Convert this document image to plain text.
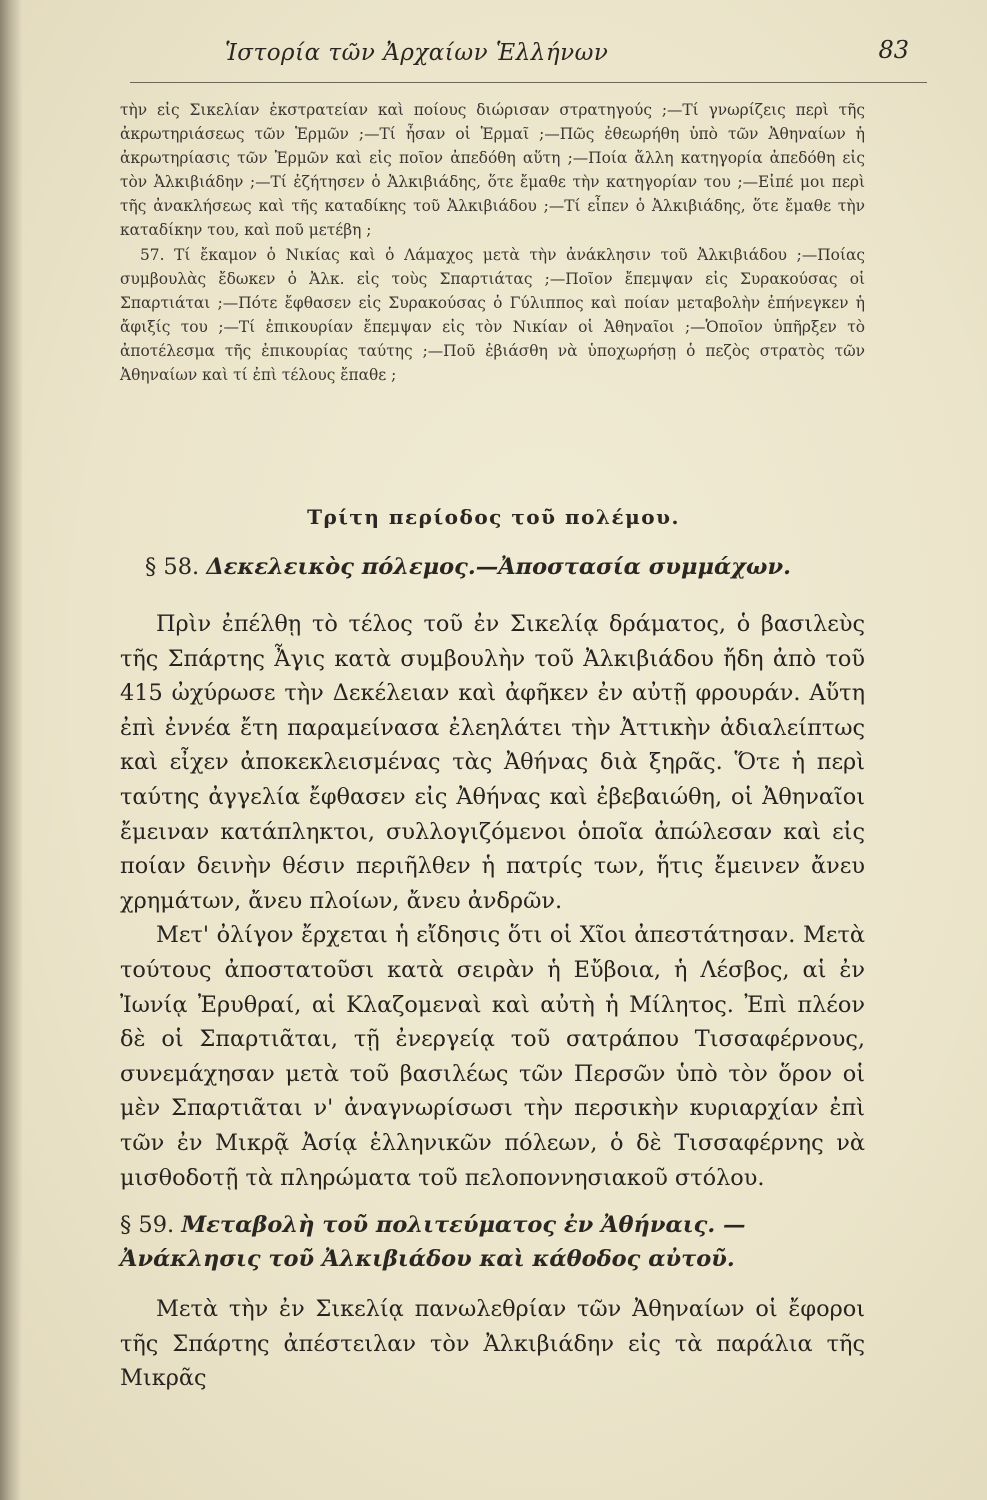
Ἱστορία τῶν Ἀρχαίων Ἑλλήνων	83

τὴν εἰς Σικελίαν ἐκστρατείαν καὶ ποίους διώρισαν στρατηγούς ;—Τί γνωρίζεις περὶ τῆς ἀκρωτηριάσεως τῶν Ἑρμῶν ;—Τί ἦσαν οἱ Ἑρμαῖ ;—Πῶς ἐθεωρήθη ὑπὸ τῶν Ἀθηναίων ἡ ἀκρωτηρίασις τῶν Ἑρμῶν καὶ εἰς ποῖον ἀπεδόθη αὕτη ;—Ποία ἄλλη κατηγορία ἀπεδόθη εἰς τὸν Ἀλκιβιάδην ;—Τί ἐζήτησεν ὁ Ἀλκιβιάδης, ὅτε ἔμαθε τὴν κατηγορίαν του ;—Εἰπέ μοι περὶ τῆς ἀνακλήσεως καὶ τῆς καταδίκης τοῦ Ἀλκιβιάδου ;—Τί εἶπεν ὁ Ἀλκιβιάδης, ὅτε ἔμαθε τὴν καταδίκην του, καὶ ποῦ μετέβη ;

57. Τί ἔκαμον ὁ Νικίας καὶ ὁ Λάμαχος μετὰ τὴν ἀνάκλησιν τοῦ Ἀλκιβιάδου ;—Ποίας συμβουλὰς ἔδωκεν ὁ Ἀλκ. εἰς τοὺς Σπαρτιάτας ;—Ποῖον ἔπεμψαν εἰς Συρακούσας οἱ Σπαρτιάται ;—Πότε ἔφθασεν εἰς Συρακούσας ὁ Γύλιππος καὶ ποίαν μεταβολὴν ἐπήνεγκεν ἡ ἄφιξίς του ;—Τί ἐπικουρίαν ἔπεμψαν εἰς τὸν Νικίαν οἱ Ἀθηναῖοι ;—Ὁποῖον ὑπῆρξεν τὸ ἀποτέλεσμα τῆς ἐπικουρίας ταύτης ;—Ποῦ ἐβιάσθη νὰ ὑποχωρήσῃ ὁ πεζὸς στρατὸς τῶν Ἀθηναίων καὶ τί ἐπὶ τέλους ἔπαθε ;

Τρίτη περίοδος τοῦ πολέμου.
§ 58. Δεκελεικὸς πόλεμος.—Ἀποστασία συμμάχων.

Πρὶν ἐπέλθῃ τὸ τέλος τοῦ ἐν Σικελίᾳ δράματος, ὁ βασιλεὺς τῆς Σπάρτης Ἆγις κατὰ συμβουλὴν τοῦ Ἀλκιβιάδου ἤδη ἀπὸ τοῦ 415 ὠχύρωσε τὴν Δεκέλειαν καὶ ἀφῆκεν ἐν αὐτῇ φρουράν. Αὕτη ἐπὶ ἐννέα ἔτη παραμείνασα ἐλεηλάτει τὴν Ἀττικὴν ἀδιαλείπτως καὶ εἶχεν ἀποκεκλεισμένας τὰς Ἀθήνας διὰ ξηρᾶς. Ὅτε ἡ περὶ ταύτης ἀγγελία ἔφθασεν εἰς Ἀθήνας καὶ ἐβεβαιώθη, οἱ Ἀθηναῖοι ἔμειναν κατάπληκτοι, συλλογιζόμενοι ὁποῖα ἀπώλεσαν καὶ εἰς ποίαν δεινὴν θέσιν περιῆλθεν ἡ πατρίς των, ἥτις ἔμεινεν ἄνευ χρημάτων, ἄνευ πλοίων, ἄνευ ἀνδρῶν.

Μετ' ὀλίγον ἔρχεται ἡ εἴδησις ὅτι οἱ Χῖοι ἀπεστάτησαν. Μετὰ τούτους ἀποστατοῦσι κατὰ σειρὰν ἡ Εὔβοια, ἡ Λέσβος, αἱ ἐν Ἰωνίᾳ Ἐρυθραί, αἱ Κλαζομεναὶ καὶ αὐτὴ ἡ Μίλητος. Ἐπὶ πλέον δὲ οἱ Σπαρτιᾶται, τῇ ἐνεργείᾳ τοῦ σατράπου Τισσαφέρνους, συνεμάχησαν μετὰ τοῦ βασιλέως τῶν Περσῶν ὑπὸ τὸν ὅρον οἱ μὲν Σπαρτιᾶται ν' ἀναγνωρίσωσι τὴν περσικὴν κυριαρχίαν ἐπὶ τῶν ἐν Μικρᾷ Ἀσίᾳ ἑλληνικῶν πόλεων, ὁ δὲ Τισσαφέρνης νὰ μισθοδοτῇ τὰ πληρώματα τοῦ πελοποννησιακοῦ στόλου.

§ 59. Μεταβολὴ τοῦ πολιτεύματος ἐν Ἀθήναις. — Ἀνάκλησις τοῦ Ἀλκιβιάδου καὶ κάθοδος αὐτοῦ.

Μετὰ τὴν ἐν Σικελίᾳ πανωλεθρίαν τῶν Ἀθηναίων οἱ ἔφοροι τῆς Σπάρτης ἀπέστειλαν τὸν Ἀλκιβιάδην εἰς τὰ παράλια τῆς Μικρᾶς
